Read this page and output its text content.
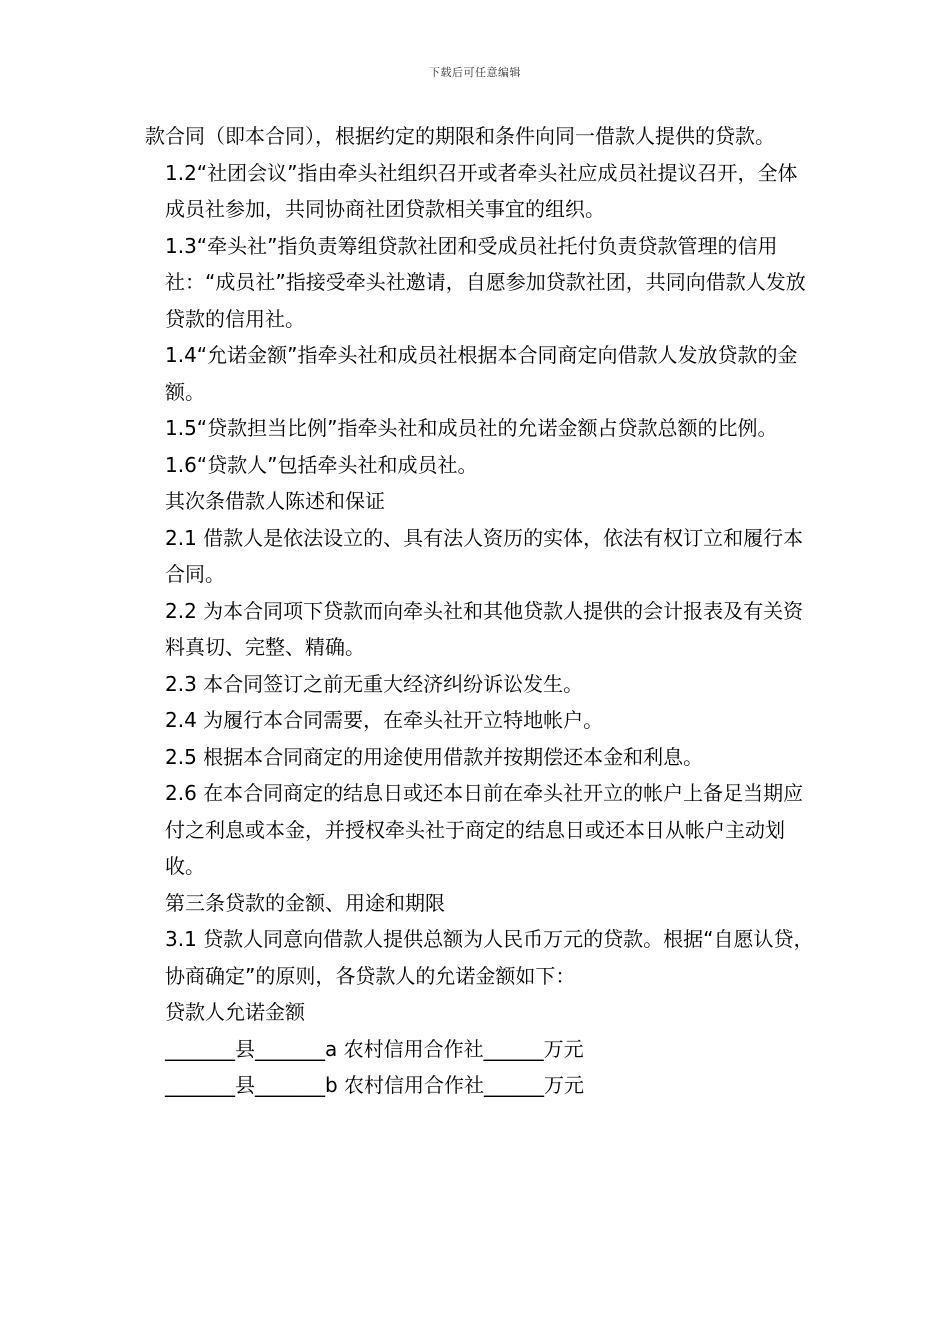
下载后可任意编辑

款合同（即本合同），根据约定的期限和条件向同一借款人提供的贷款。

1.2“社团会议”指由牵头社组织召开或者牵头社应成员社提议召开，全体成员社参加，共同协商社团贷款相关事宜的组织。

1.3“牵头社”指负责筹组贷款社团和受成员社托付负责贷款管理的信用社：“成员社”指接受牵头社邀请，自愿参加贷款社团，共同向借款人发放贷款的信用社。

1.4“允诺金额”指牵头社和成员社根据本合同商定向借款人发放贷款的金额。

1.5“贷款担当比例”指牵头社和成员社的允诺金额占贷款总额的比例。

1.6“贷款人”包括牵头社和成员社。

其次条借款人陈述和保证

2.1 借款人是依法设立的、具有法人资历的实体，依法有权订立和履行本合同。

2.2 为本合同项下贷款而向牵头社和其他贷款人提供的会计报表及有关资料真切、完整、精确。

2.3 本合同签订之前无重大经济纠纷诉讼发生。

2.4 为履行本合同需要，在牵头社开立特地帐户。

2.5 根据本合同商定的用途使用借款并按期偿还本金和利息。

2.6 在本合同商定的结息日或还本日前在牵头社开立的帐户上备足当期应付之利息或本金，并授权牵头社于商定的结息日或还本日从帐户主动划收。

第三条贷款的金额、用途和期限

3.1 贷款人同意向借款人提供总额为人民币万元的贷款。根据“自愿认贷，协商确定”的原则，各贷款人的允诺金额如下：

贷款人允诺金额

_______县_______a 农村信用合作社______万元

_______县_______b 农村信用合作社______万元
